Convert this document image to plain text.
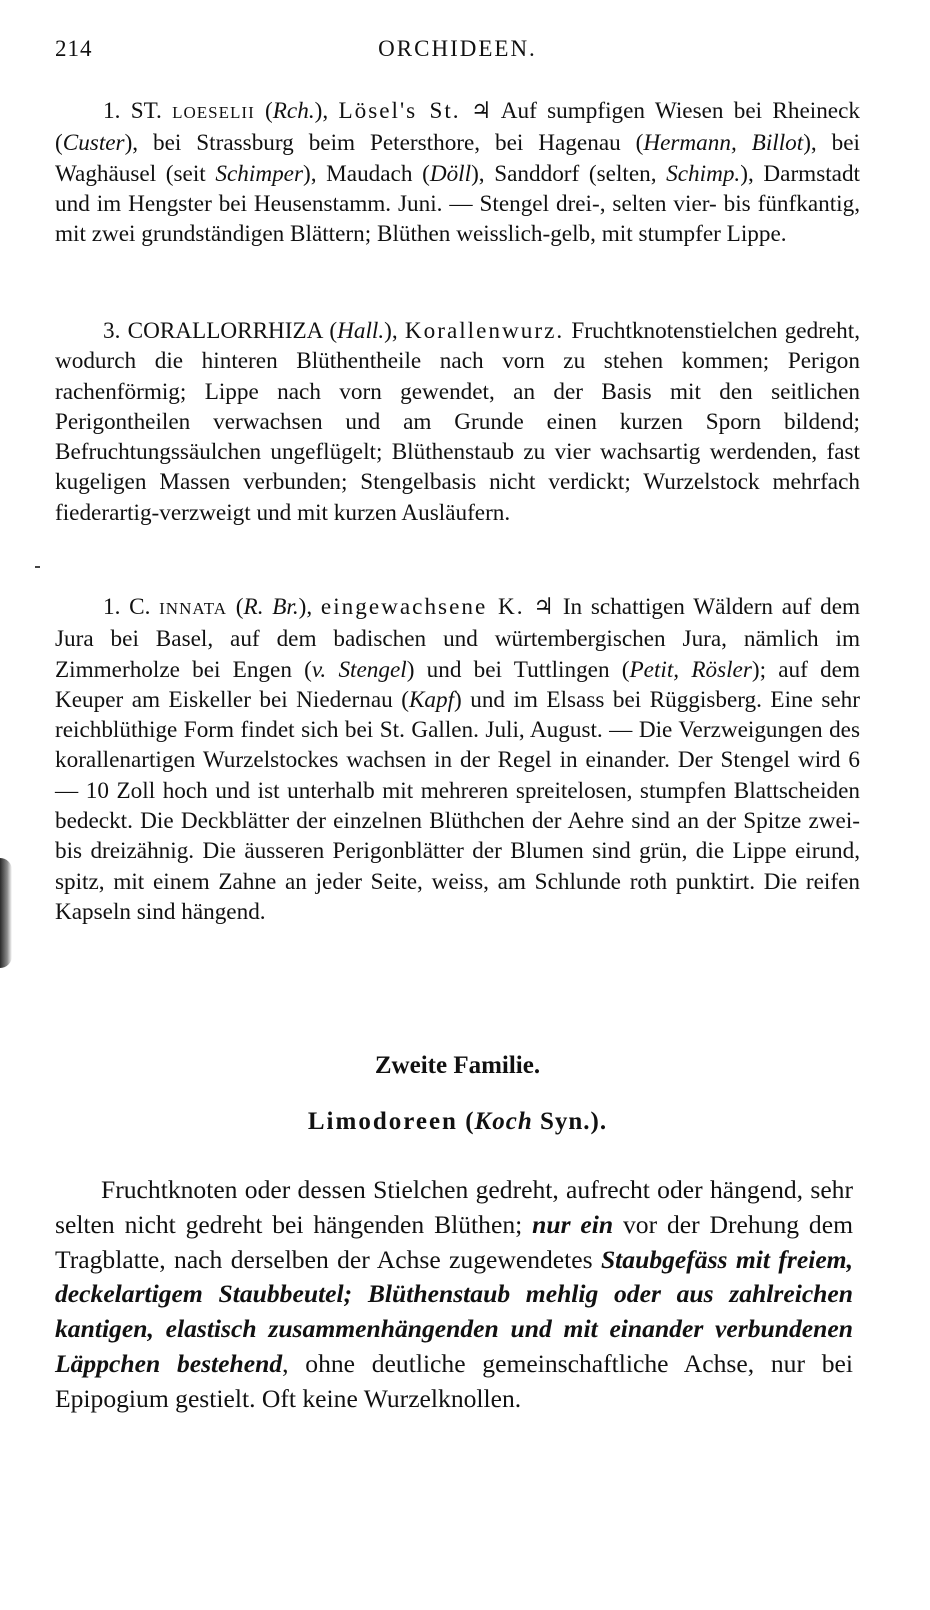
214	ORCHIDEEN.

1. ST. LOESELII (Rch.), Lösel's St. ♃ Auf sumpfigen Wiesen bei Rheineck (Custer), bei Strassburg beim Petersthore, bei Hagenau (Hermann, Billot), bei Waghäusel (seit Schimper), Maudach (Döll), Sanddorf (selten, Schimp.), Darmstadt und im Hengster bei Heusenstamm. Juni. — Stengel drei-, selten vier- bis fünfkantig, mit zwei grundständigen Blättern; Blüthen weisslich-gelb, mit stumpfer Lippe.

3. CORALLORRHIZA (Hall.), Korallenwurz. Fruchtknotenstielchen gedreht, wodurch die hinteren Blüthentheile nach vorn zu stehen kommen; Perigon rachenförmig; Lippe nach vorn gewendet, an der Basis mit den seitlichen Perigontheilen verwachsen und am Grunde einen kurzen Sporn bildend; Befruchtungssäulchen ungeflügelt; Blüthenstaub zu vier wachsartig werdenden, fast kugeligen Massen verbunden; Stengelbasis nicht verdickt; Wurzelstock mehrfach fiederartig-verzweigt und mit kurzen Ausläufern.

1. C. INNATA (R. Br.), eingewachsene K. ♃ In schattigen Wäldern auf dem Jura bei Basel, auf dem badischen und würtembergischen Jura, nämlich im Zimmerholze bei Engen (v. Stengel) und bei Tuttlingen (Petit, Rösler); auf dem Keuper am Eiskeller bei Niedernau (Kapf) und im Elsass bei Rüggisberg. Eine sehr reichblüthige Form findet sich bei St. Gallen. Juli, August. — Die Verzweigungen des korallenartigen Wurzelstockes wachsen in der Regel in einander. Der Stengel wird 6 — 10 Zoll hoch und ist unterhalb mit mehreren spreitelosen, stumpfen Blattscheiden bedeckt. Die Deckblätter der einzelnen Blüthchen der Aehre sind an der Spitze zwei- bis dreizähnig. Die äusseren Perigonblätter der Blumen sind grün, die Lippe eirund, spitz, mit einem Zahne an jeder Seite, weiss, am Schlunde roth punktirt. Die reifen Kapseln sind hängend.

Zweite Familie.
Limodoreen (Koch Syn.).

Fruchtknoten oder dessen Stielchen gedreht, aufrecht oder hängend, sehr selten nicht gedreht bei hängenden Blüthen; nur ein vor der Drehung dem Tragblatte, nach derselben der Achse zugewendetes Staubgefäss mit freiem, deckelartigem Staubbeutel; Blüthenstaub mehlig oder aus zahlreichen kantigen, elastisch zusammenhängenden und mit einander verbundenen Läppchen bestehend, ohne deutliche gemeinschaftliche Achse, nur bei Epipogium gestielt. Oft keine Wurzelknollen.
